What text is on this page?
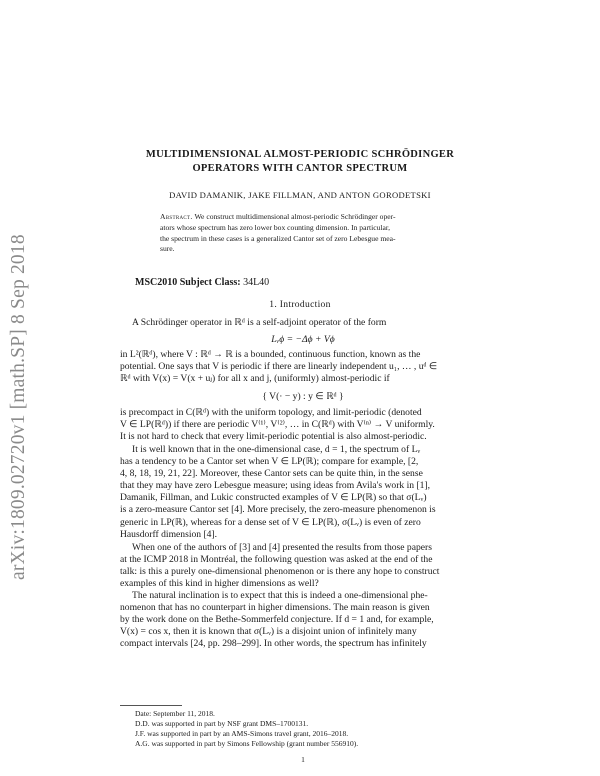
arXiv:1809.02720v1 [math.SP] 8 Sep 2018
MULTIDIMENSIONAL ALMOST-PERIODIC SCHRÖDINGER
OPERATORS WITH CANTOR SPECTRUM
DAVID DAMANIK, JAKE FILLMAN, AND ANTON GORODETSKI
Abstract. We construct multidimensional almost-periodic Schrödinger oper-
ators whose spectrum has zero lower box counting dimension. In particular,
the spectrum in these cases is a generalized Cantor set of zero Lebesgue mea-
sure.
MSC2010 Subject Class: 34L40
1. Introduction
A Schrödinger operator in ℝᵈ is a self-adjoint operator of the form
Lᵥϕ = −Δϕ + Vϕ
in L²(ℝᵈ), where V : ℝᵈ → ℝ is a bounded, continuous function, known as the
potential. One says that V is periodic if there are linearly independent u₁, … , uᵈ ∈
ℝᵈ with V(x) = V(x + uⱼ) for all x and j, (uniformly) almost-periodic if
{ V(· − y) : y ∈ ℝᵈ }
is precompact in C(ℝᵈ) with the uniform topology, and limit-periodic (denoted
V ∈ LP(ℝᵈ)) if there are periodic V⁽¹⁾, V⁽²⁾, … in C(ℝᵈ) with V⁽ⁿ⁾ → V uniformly.
It is not hard to check that every limit-periodic potential is also almost-periodic.
It is well known that in the one-dimensional case, d = 1, the spectrum of Lᵥ
has a tendency to be a Cantor set when V ∈ LP(ℝ); compare for example, [2,
4, 8, 18, 19, 21, 22]. Moreover, these Cantor sets can be quite thin, in the sense
that they may have zero Lebesgue measure; using ideas from Avila's work in [1],
Damanik, Fillman, and Lukic constructed examples of V ∈ LP(ℝ) so that σ(Lᵥ)
is a zero-measure Cantor set [4]. More precisely, the zero-measure phenomenon is
generic in LP(ℝ), whereas for a dense set of V ∈ LP(ℝ), σ(Lᵥ) is even of zero
Hausdorff dimension [4].
When one of the authors of [3] and [4] presented the results from those papers
at the ICMP 2018 in Montréal, the following question was asked at the end of the
talk: is this a purely one-dimensional phenomenon or is there any hope to construct
examples of this kind in higher dimensions as well?
The natural inclination is to expect that this is indeed a one-dimensional phe-
nomenon that has no counterpart in higher dimensions. The main reason is given
by the work done on the Bethe-Sommerfeld conjecture. If d = 1 and, for example,
V(x) = cos x, then it is known that σ(Lᵥ) is a disjoint union of infinitely many
compact intervals [24, pp. 298–299]. In other words, the spectrum has infinitely
Date: September 11, 2018.
D.D. was supported in part by NSF grant DMS–1700131.
J.F. was supported in part by an AMS-Simons travel grant, 2016–2018.
A.G. was supported in part by Simons Fellowship (grant number 556910).
1
